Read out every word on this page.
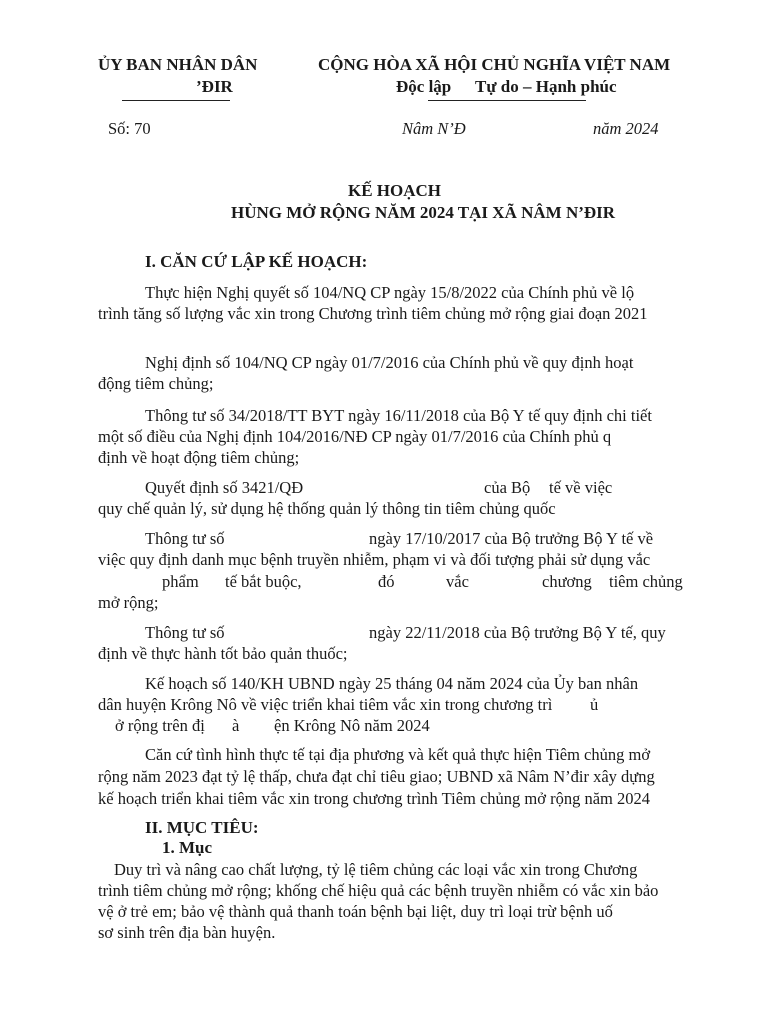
ỦY BAN NHÂN DÂN
’ĐIR
CỘNG HÒA XÃ HỘI CHỦ NGHĨA VIỆT NAM
Độc lập Tự do – Hạnh phúc
Số: 70	Nâm N’Đ	năm 2024
KẾ HOẠCH
HÙNG MỞ RỘNG NĂM 2024 TẠI XÃ NÂM N’ĐIR
I. CĂN CỨ LẬP KẾ HOẠCH:
Thực hiện Nghị quyết số 104/NQ CP ngày 15/8/2022 của Chính phủ về lộ
trình tăng số lượng vắc xin trong Chương trình tiêm chủng mở rộng giai đoạn 2021
Nghị định số 104/NQ CP ngày 01/7/2016 của Chính phủ về quy định hoạt
động tiêm chủng;
Thông tư số 34/2018/TT BYT ngày 16/11/2018 của Bộ Y tế quy định chi tiết
một số điều của Nghị định 104/2016/NĐ CP ngày 01/7/2016 của Chính phủ q
định về hoạt động tiêm chủng;
Quyết định số 3421/QĐ	của Bộ tế về việc
quy chế quản lý, sử dụng hệ thống quản lý thông tin tiêm chủng quốc
Thông tư số	ngày 17/10/2017 của Bộ trưởng Bộ Y tế về
việc quy định danh mục bệnh truyền nhiễm, phạm vi và đối tượng phải sử dụng vắc
phẩm tế bắt buộc,	đó	vắc	chương tiêm chủng
mở rộng;
Thông tư số	ngày 22/11/2018 của Bộ trưởng Bộ Y tế, quy
định về thực hành tốt bảo quản thuốc;
Kế hoạch số 140/KH UBND ngày 25 tháng 04 năm 2024 của Ủy ban nhân
dân huyện Krông Nô về việc triển khai tiêm vắc xin trong chương trì ủ
ở rộng trên đị à ện Krông Nô năm 2024
Căn cứ tình hình thực tế tại địa phương và kết quả thực hiện Tiêm chủng mở
rộng năm 2023 đạt tỷ lệ thấp, chưa đạt chỉ tiêu giao; UBND xã Nâm N’đir xây dựng
kế hoạch triển khai tiêm vắc xin trong chương trình Tiêm chủng mở rộng năm 2024
II. MỤC TIÊU:
1. Mục
Duy trì và nâng cao chất lượng, tỷ lệ tiêm chủng các loại vắc xin trong Chương
trình tiêm chủng mở rộng; khống chế hiệu quả các bệnh truyền nhiễm có vắc xin bảo
vệ ở trẻ em; bảo vệ thành quả thanh toán bệnh bại liệt, duy trì loại trừ bệnh uố
sơ sinh trên địa bàn huyện.
